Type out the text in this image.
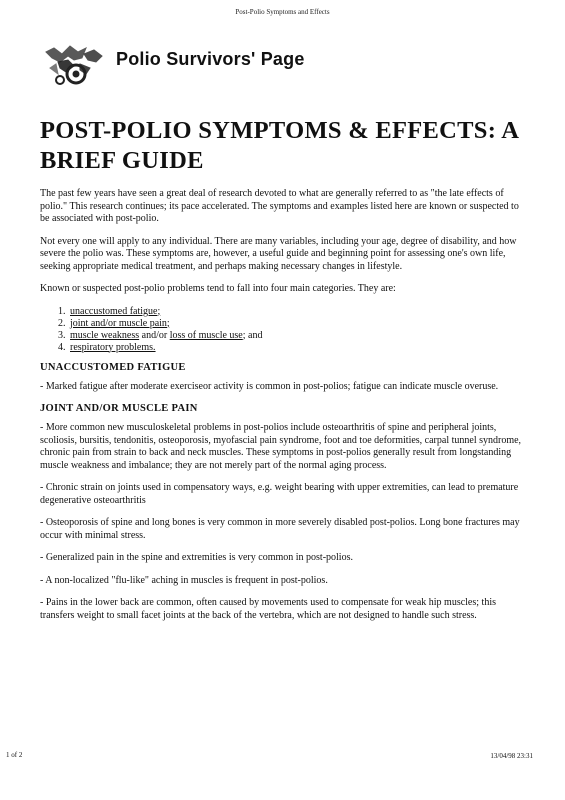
Post-Polio Symptoms and Effects
Polio Survivors' Page
POST-POLIO SYMPTOMS & EFFECTS: A
BRIEF GUIDE

The past few years have seen a great deal of research devoted to what are generally referred to as "the late effects of polio." This research continues; its pace accelerated. The symptoms and examples listed here are known or suspected to be associated with post-polio.

Not every one will apply to any individual. There are many variables, including your age, degree of disability, and how severe the polio was. These symptoms are, however, a useful guide and beginning point for assessing one's own life, seeking appropriate medical treatment, and perhaps making necessary changes in lifestyle.

Known or suspected post-polio problems tend to fall into four main categories. They are:

1. unaccustomed fatigue;
2. joint and/or muscle pain;
3. muscle weakness and/or loss of muscle use; and
4. respiratory problems.
UNACCUSTOMED FATIGUE

- Marked fatigue after moderate exerciseor activity is common in post-polios; fatigue can indicate muscle overuse.

JOINT AND/OR MUSCLE PAIN

- More common new musculoskeletal problems in post-polios include osteoarthritis of spine and peripheral joints, scoliosis, bursitis, tendonitis, osteoporosis, myofascial pain syndrome, foot and toe deformities, carpal tunnel syndrome, chronic pain from strain to back and neck muscles. These symptoms in post-polios generally result from longstanding muscle weakness and imbalance; they are not merely part of the normal aging process.

- Chronic strain on joints used in compensatory ways, e.g. weight bearing with upper extremities, can lead to premature degenerative osteoarthritis

- Osteoporosis of spine and long bones is very common in more severely disabled post-polios. Long bone fractures may occur with minimal stress.

- Generalized pain in the spine and extremities is very common in post-polios.

- A non-localized "flu-like" aching in muscles is frequent in post-polios.

- Pains in the lower back are common, often caused by movements used to compensate for weak hip muscles; this transfers weight to small facet joints at the back of the vertebra, which are not designed to handle such stress.

1 of 2	13/04/98 23:31
